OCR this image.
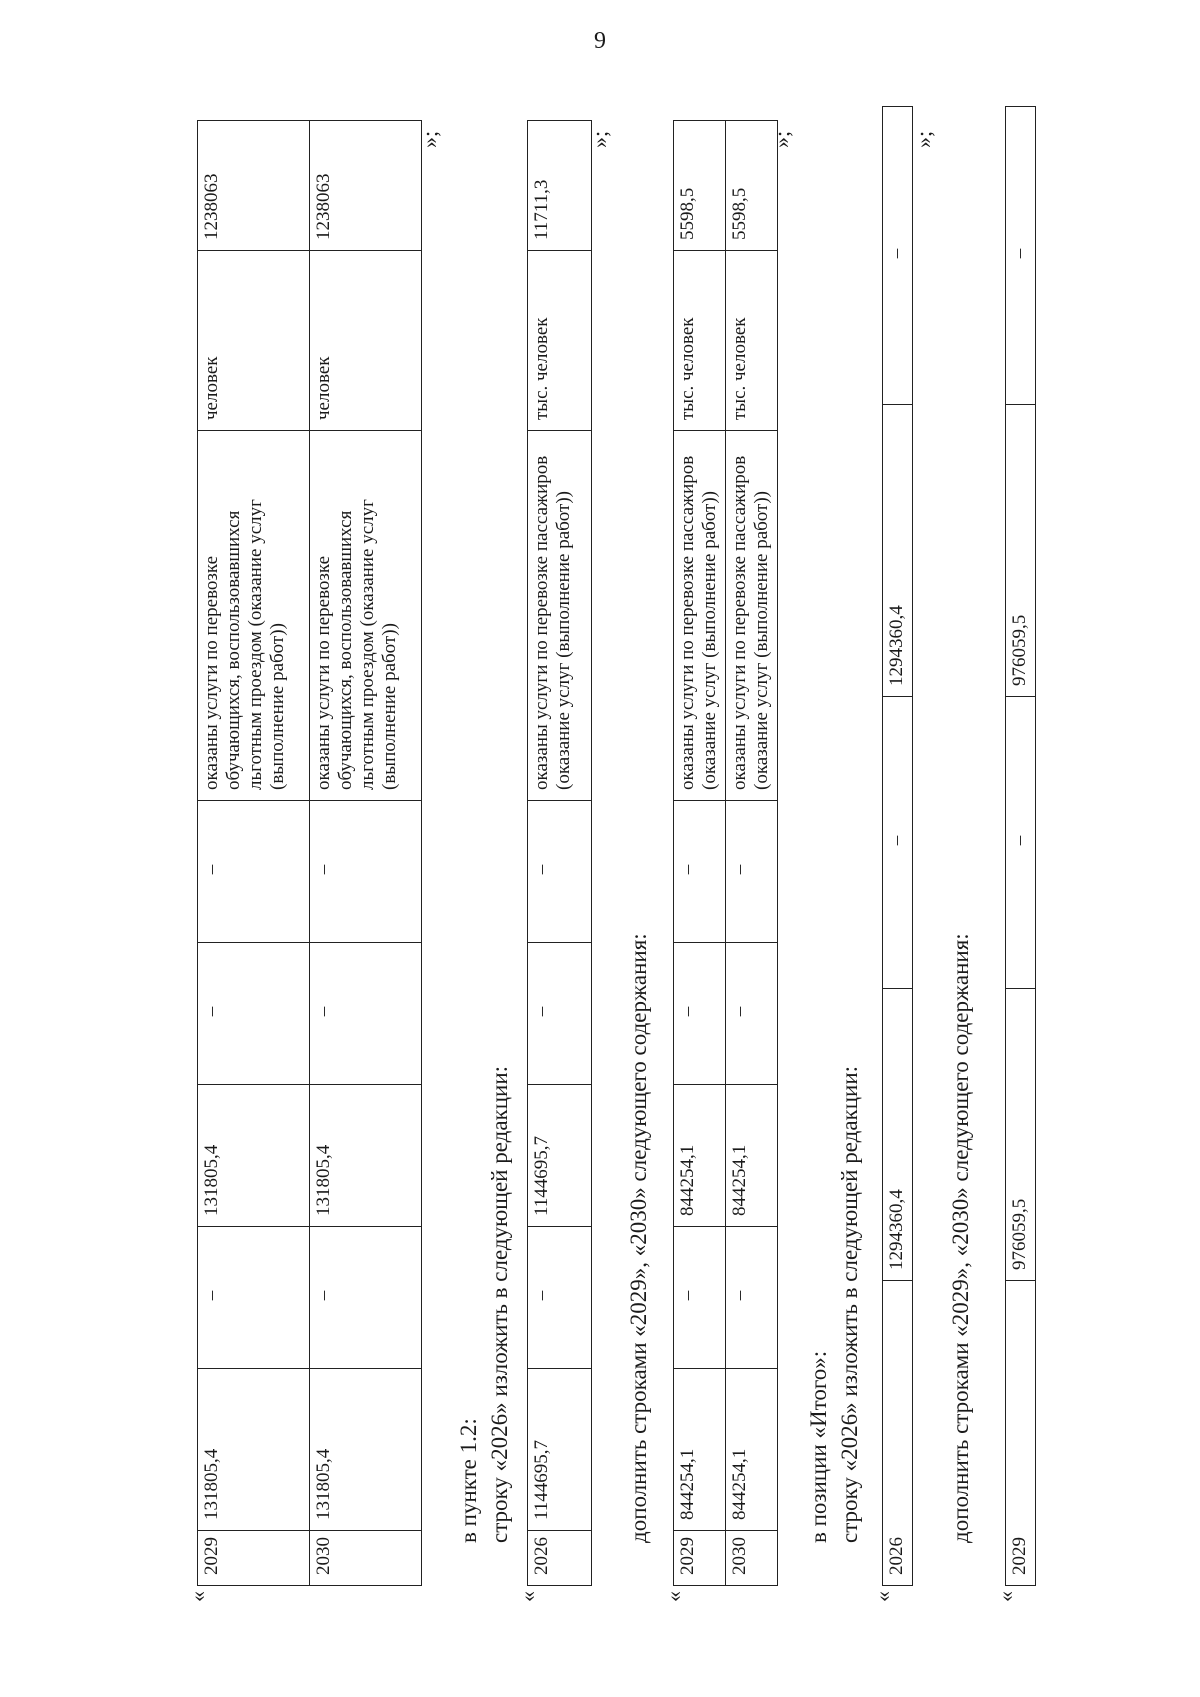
9
«
2029	131805,4	–	131805,4	–	–	оказаны услуги по перевозке обучающихся, воспользовавшихся льготным проездом (оказание услуг (выполнение работ))	человек	1238063
2030	131805,4	–	131805,4	–	–	оказаны услуги по перевозке обучающихся, воспользовавшихся льготным проездом (оказание услуг (выполнение работ))	человек	1238063
»;
в пункте 1.2: строку «2026» изложить в следующей редакции:
«
2026	1144695,7	–	1144695,7	–	–	оказаны услуги по перевозке пассажиров (оказание услуг (выполнение работ))	тыс. человек	11711,3
»;
дополнить строками «2029», «2030» следующего содержания:
«
2029	844254,1	–	844254,1	–	–	оказаны услуги по перевозке пассажиров (оказание услуг (выполнение работ))	тыс. человек	5598,5
2030	844254,1	–	844254,1	–	–	оказаны услуги по перевозке пассажиров (оказание услуг (выполнение работ))	тыс. человек	5598,5
»;
в позиции «Итого»: строку «2026» изложить в следующей редакции:
«
2026	1294360,4	–	1294360,4	–
»;
дополнить строками «2029», «2030» следующего содержания:
«
2029	976059,5	–	976059,5	–
